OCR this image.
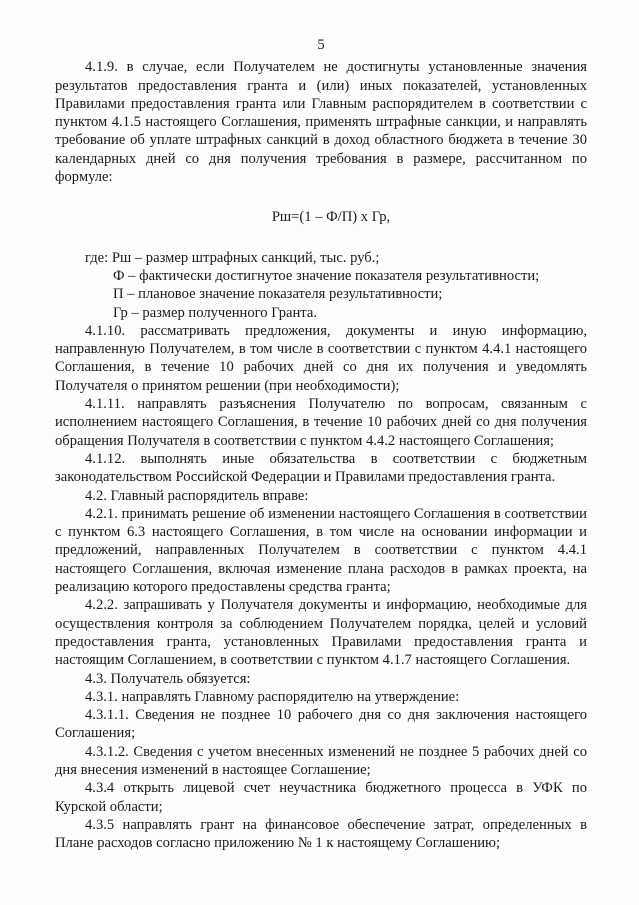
5

4.1.9. в случае, если Получателем не достигнуты установленные значения результатов предоставления гранта и (или) иных показателей, установленных Правилами предоставления гранта или Главным распорядителем в соответствии с пунктом 4.1.5 настоящего Соглашения, применять штрафные санкции, и направлять требование об уплате штрафных санкций в доход областного бюджета в течение 30 календарных дней со дня получения требования в размере, рассчитанном по формуле:

Рш=(1 – Ф/П) х Гр,

где: Рш – размер штрафных санкций, тыс. руб.;

Ф – фактически достигнутое значение показателя результативности;

П – плановое значение показателя результативности;

Гр – размер полученного Гранта.

4.1.10. рассматривать предложения, документы и иную информацию, направленную Получателем, в том числе в соответствии с пунктом 4.4.1 настоящего Соглашения, в течение 10 рабочих дней со дня их получения и уведомлять Получателя о принятом решении (при необходимости);

4.1.11. направлять разъяснения Получателю по вопросам, связанным с исполнением настоящего Соглашения, в течение 10 рабочих дней со дня получения обращения Получателя в соответствии с пунктом 4.4.2 настоящего Соглашения;

4.1.12. выполнять иные обязательства в соответствии с бюджетным законодательством Российской Федерации и Правилами предоставления гранта.

4.2. Главный распорядитель вправе:

4.2.1. принимать решение об изменении настоящего Соглашения в соответствии с пунктом 6.3 настоящего Соглашения, в том числе на основании информации и предложений, направленных Получателем в соответствии с пунктом 4.4.1 настоящего Соглашения, включая изменение плана расходов в рамках проекта, на реализацию которого предоставлены средства гранта;

4.2.2. запрашивать у Получателя документы и информацию, необходимые для осуществления контроля за соблюдением Получателем порядка, целей и условий предоставления гранта, установленных Правилами предоставления гранта и настоящим Соглашением, в соответствии с пунктом 4.1.7 настоящего Соглашения.

4.3. Получатель обязуется:

4.3.1. направлять Главному распорядителю на утверждение:

4.3.1.1. Сведения не позднее 10 рабочего дня со дня заключения настоящего Соглашения;

4.3.1.2. Сведения с учетом внесенных изменений не позднее 5 рабочих дней со дня внесения изменений в настоящее Соглашение;

4.3.4 открыть лицевой счет неучастника бюджетного процесса в УФК по Курской области;

4.3.5 направлять грант на финансовое обеспечение затрат, определенных в Плане расходов согласно приложению № 1 к настоящему Соглашению;
